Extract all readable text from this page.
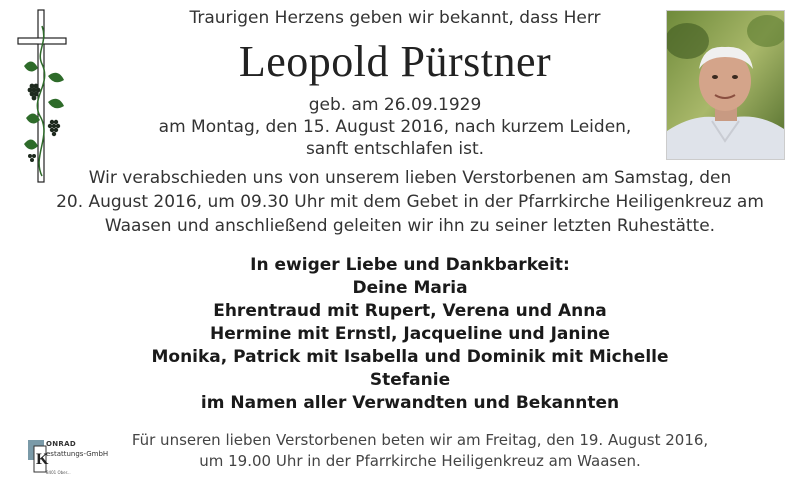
Traurigen Herzens geben wir bekannt, dass Herr
Leopold Pürstner
geb. am 26.09.1929
am Montag, den 15. August 2016, nach kurzem Leiden,
sanft entschlafen ist.
Wir verabschieden uns von unserem lieben Verstorbenen am Samstag, den
20. August 2016, um 09.30 Uhr mit dem Gebet in der Pfarrkirche Heiligenkreuz am
Waasen und anschließend geleiten wir ihn zu seiner letzten Ruhestätte.
In ewiger Liebe und Dankbarkeit:
Deine Maria
Ehrentraud mit Rupert, Verena und Anna
Hermine mit Ernstl, Jacqueline und Janine
Monika, Patrick mit Isabella und Dominik mit Michelle
Stefanie
im Namen aller Verwandten und Bekannten
K
ONRAD
estattungs-GmbH
8401 Ober...
Für unseren lieben Verstorbenen beten wir am Freitag, den 19. August 2016,
um 19.00 Uhr in der Pfarrkirche Heiligenkreuz am Waasen.
